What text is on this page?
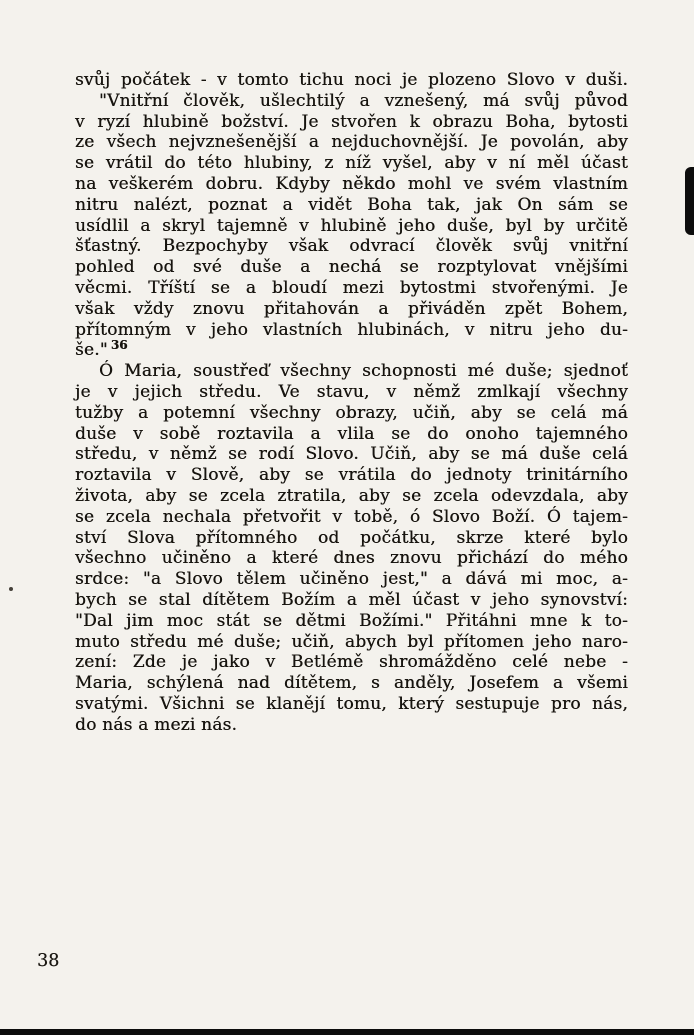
svůj počátek - v tomto tichu noci je plozeno Slovo v duši.
"Vnitřní člověk, ušlechtilý a vznešený, má svůj původ
v ryzí hlubině božství. Je stvořen k obrazu Boha, bytosti
ze všech nejvznešenější a nejduchovnější. Je povolán, aby
se vrátil do této hlubiny, z níž vyšel, aby v ní měl účast
na veškerém dobru. Kdyby někdo mohl ve svém vlastním
nitru nalézt, poznat a vidět Boha tak, jak On sám se
usídlil a skryl tajemně v hlubině jeho duše, byl by určitě
šťastný. Bezpochyby však odvrací člověk svůj vnitřní
pohled od své duše a nechá se rozptylovat vnějšími
věcmi. Tříští se a bloudí mezi bytostmi stvořenými. Je
však vždy znovu přitahován a přiváděn zpět Bohem,
přítomným v jeho vlastních hlubinách, v nitru jeho du-
še." $^{36}$
Ó Maria, soustřeď všechny schopnosti mé duše; sjednoť
je v jejich středu. Ve stavu, v němž zmlkají všechny
tužby a potemní všechny obrazy, učiň, aby se celá má
duše v sobě roztavila a vlila se do onoho tajemného
středu, v němž se rodí Slovo. Učiň, aby se má duše celá
roztavila v Slově, aby se vrátila do jednoty trinitárního
života, aby se zcela ztratila, aby se zcela odevzdala, aby
se zcela nechala přetvořit v tobě, ó Slovo Boží. Ó tajem-
ství Slova přítomného od počátku, skrze které bylo
všechno učiněno a které dnes znovu přichází do mého
srdce: "a Slovo tělem učiněno jest," a dává mi moc, a-
bych se stal dítětem Božím a měl účast v jeho synovství:
"Dal jim moc stát se dětmi Božími." Přitáhni mne k to-
muto středu mé duše; učiň, abych byl přítomen jeho naro-
zení: Zde je jako v Betlémě shromážděno celé nebe -
Maria, schýlená nad dítětem, s anděly, Josefem a všemi
svatými. Všichni se klanějí tomu, který sestupuje pro nás,
do nás a mezi nás.
38
